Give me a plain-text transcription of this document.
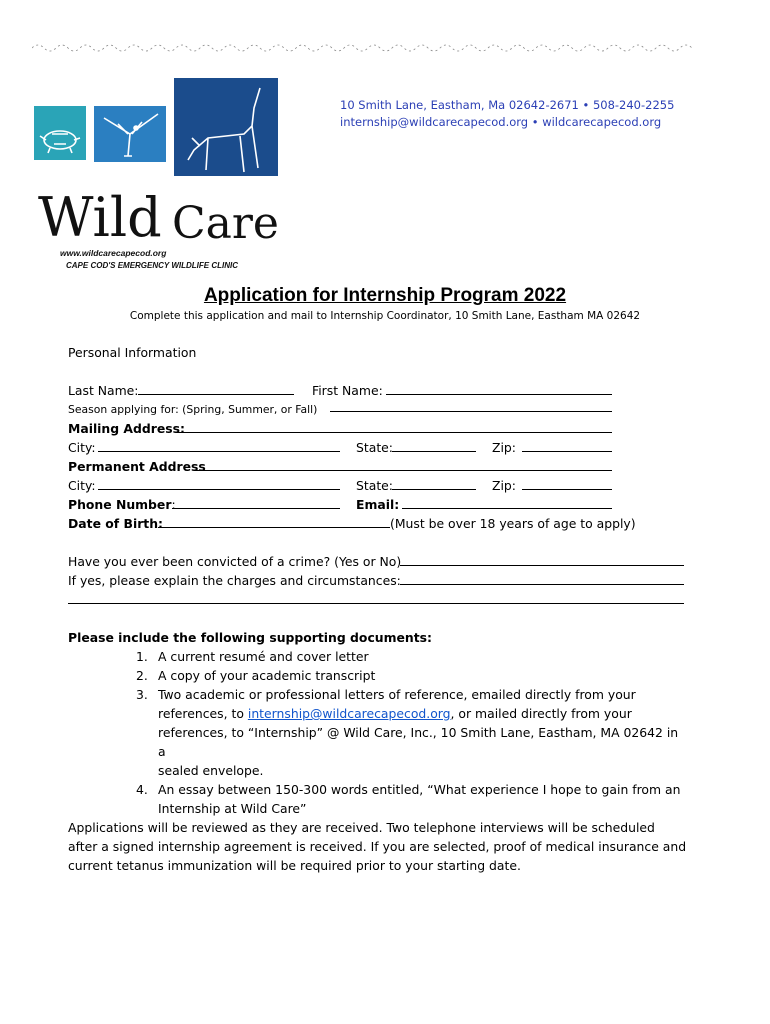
Wild Care
www.wildcarecapecod.org
CAPE COD'S EMERGENCY WILDLIFE CLINIC
10 Smith Lane, Eastham, Ma 02642-2671 • 508-240-2255
internship@wildcarecapecod.org • wildcarecapecod.org
Application for Internship Program 2022
Complete this application and mail to Internship Coordinator, 10 Smith Lane, Eastham MA 02642
Personal Information
Last Name:	First Name:
Season applying for: (Spring, Summer, or Fall)
Mailing Address:
City:	State:	Zip:
Permanent Address
City:	State:	Zip:
Phone Number:	Email:
Date of Birth:	(Must be over 18 years of age to apply)
Have you ever been convicted of a crime? (Yes or No)
If yes, please explain the charges and circumstances:
Please include the following supporting documents:
1. A current resumé and cover letter
2. A copy of your academic transcript
3. Two academic or professional letters of reference, emailed directly from your
references, to internship@wildcarecapecod.org, or mailed directly from your
references, to “Internship” @ Wild Care, Inc., 10 Smith Lane, Eastham, MA 02642 in a
sealed envelope.
4. An essay between 150-300 words entitled, “What experience I hope to gain from an
Internship at Wild Care”
Applications will be reviewed as they are received. Two telephone interviews will be scheduled
after a signed internship agreement is received. If you are selected, proof of medical insurance and
current tetanus immunization will be required prior to your starting date.
